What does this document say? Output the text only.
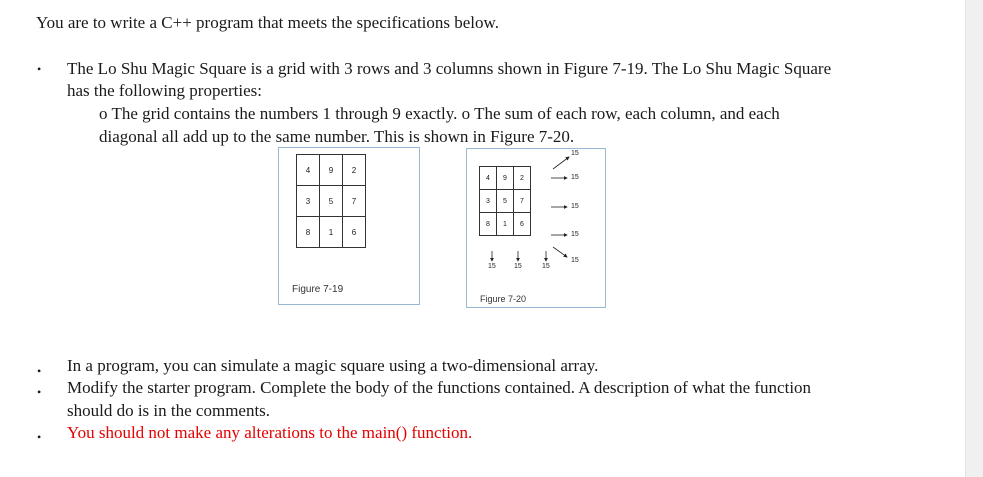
You are to write a C++ program that meets the specifications below.
• The Lo Shu Magic Square is a grid with 3 rows and 3 columns shown in Figure 7-19. The Lo Shu Magic Square
has the following properties:
o The grid contains the numbers 1 through 9 exactly. o The sum of each row, each column, and each
diagonal all add up to the same number. This is shown in Figure 7-20.
4	9	2
3	5	7
8	1	6
Figure 7-19
4	9	2
3	5	7
8	1	6
15
15
15
15
15
15	15	15
Figure 7-20
• In a program, you can simulate a magic square using a two-dimensional array.
• Modify the starter program. Complete the body of the functions contained. A description of what the function
should do is in the comments.
• You should not make any alterations to the main() function.
